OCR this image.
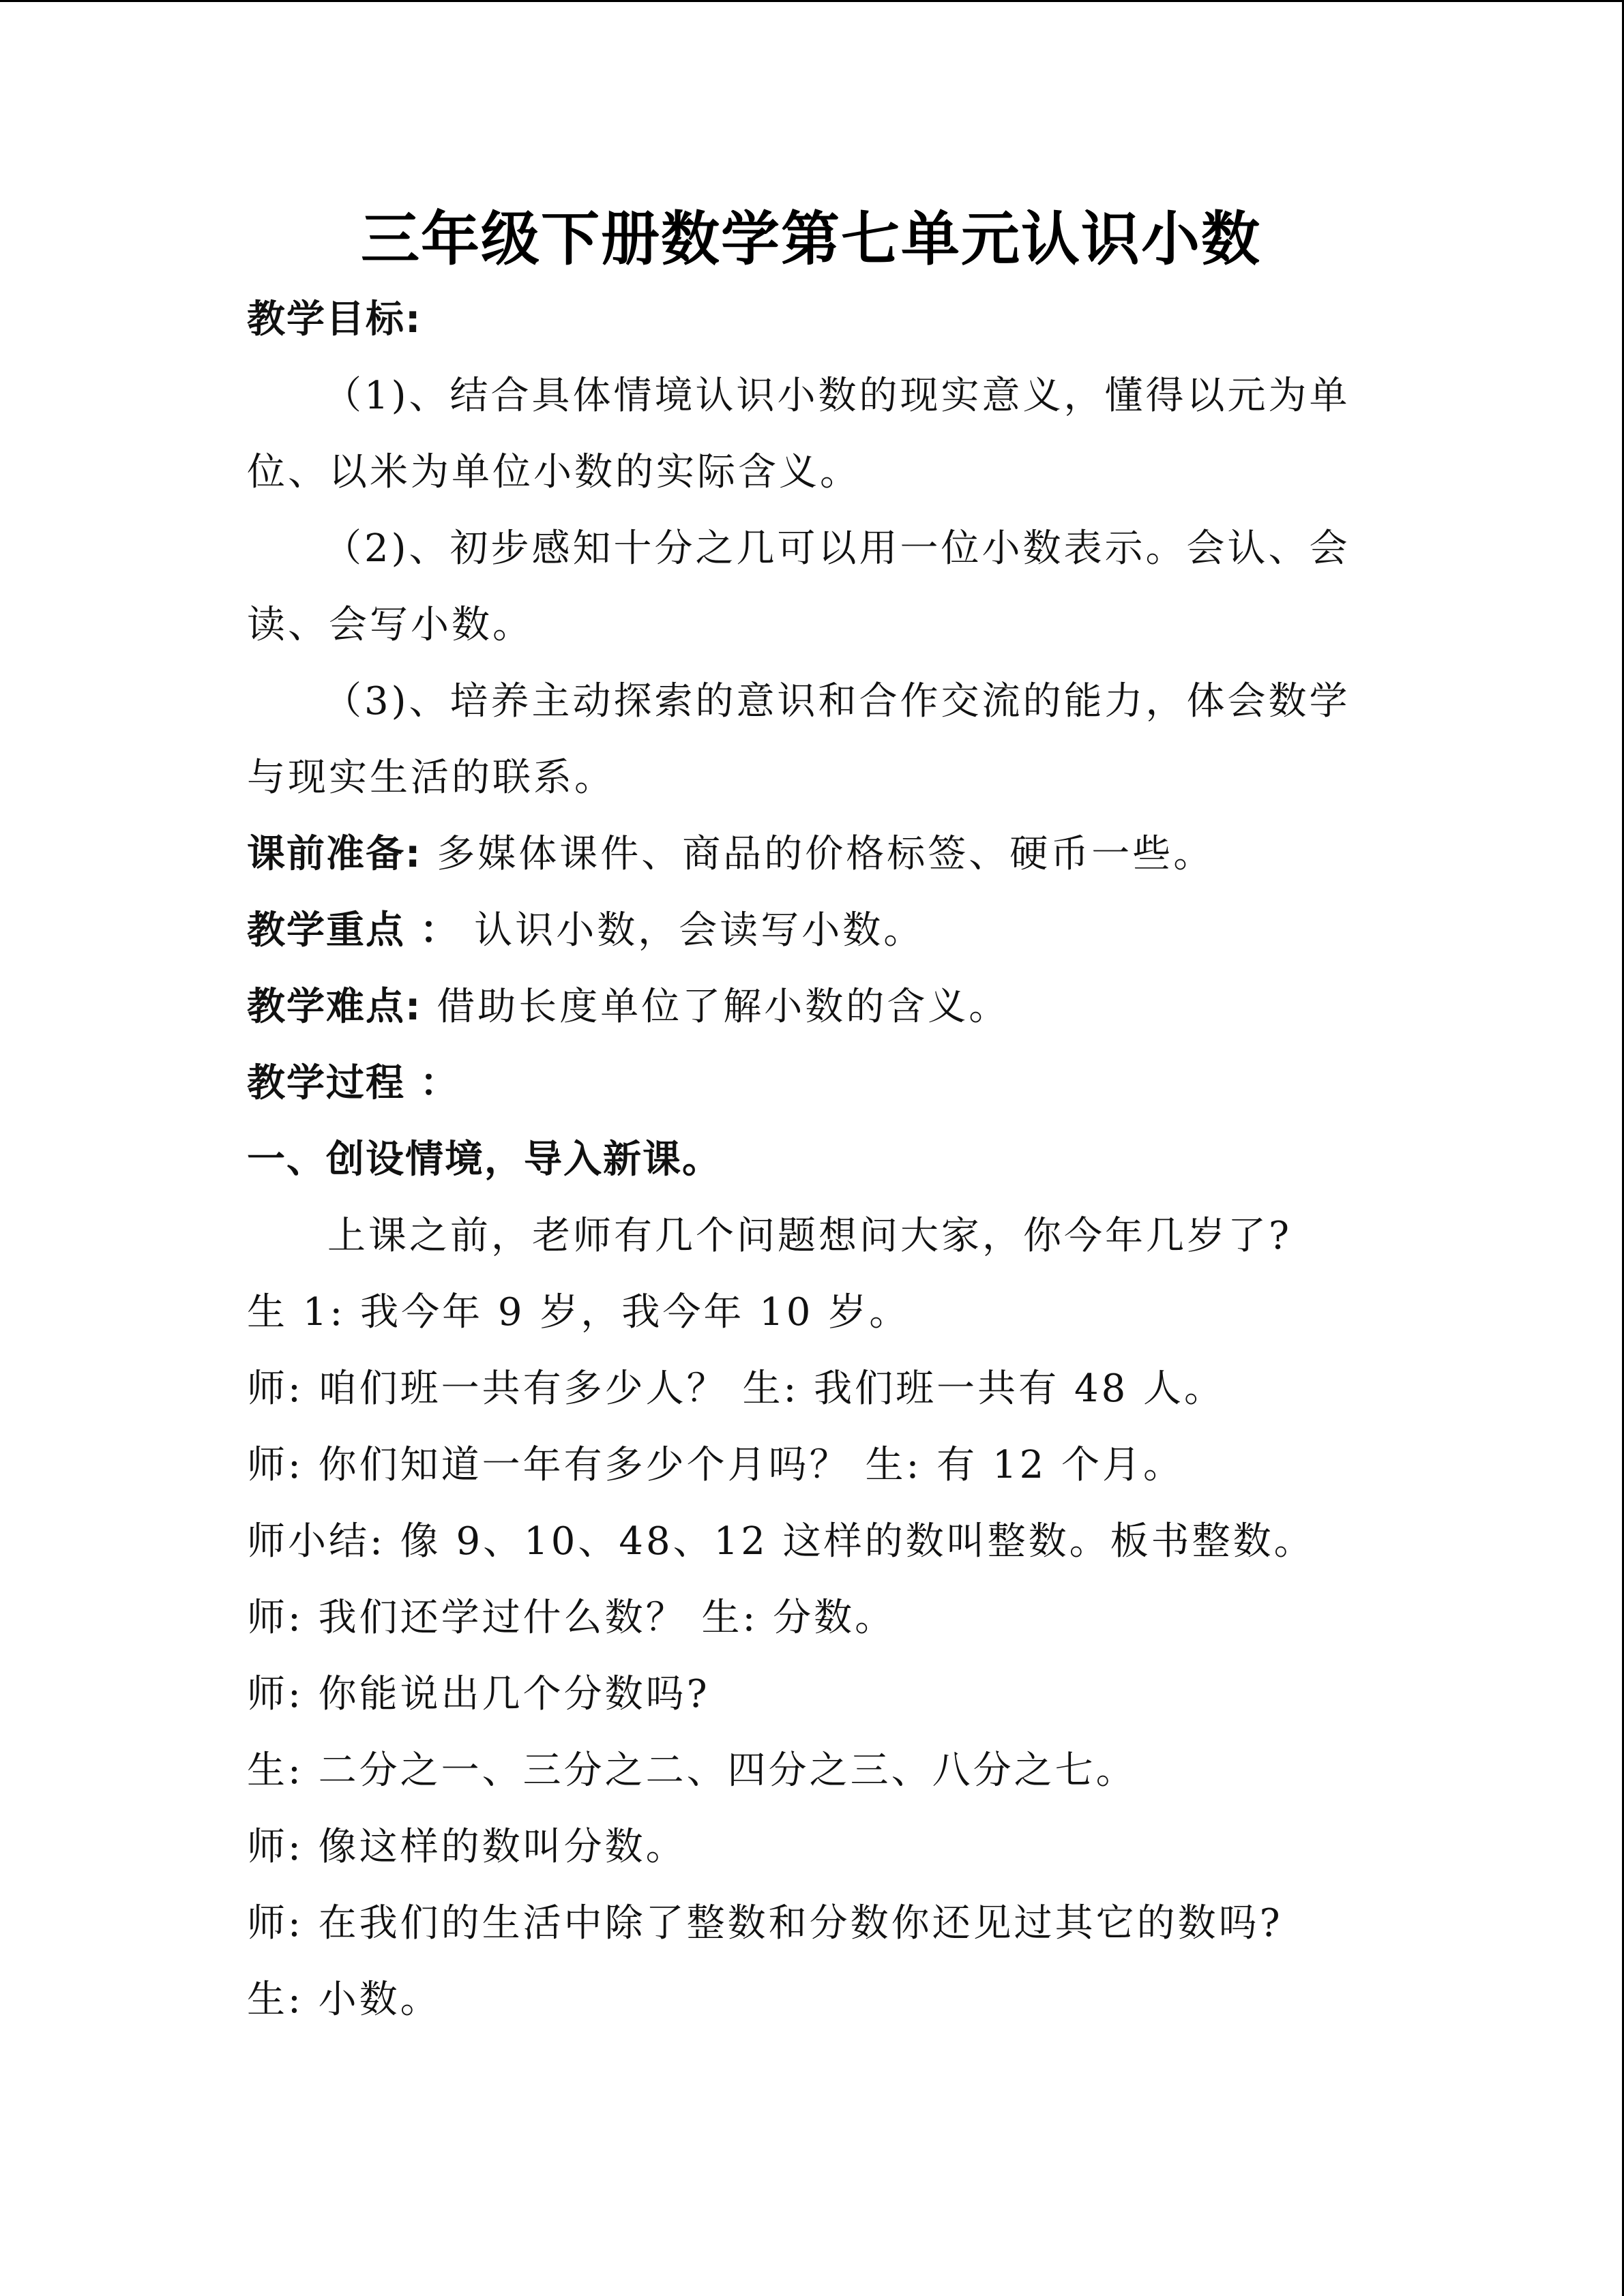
三年级下册数学第七单元认识小数
教学目标:
（1)、结合具体情境认识小数的现实意义，懂得以元为单
位、以米为单位小数的实际含义。
（2)、初步感知十分之几可以用一位小数表示。会认、会
读、会写小数。
（3)、培养主动探索的意识和合作交流的能力，体会数学
与现实生活的联系。
课前准备: 多媒体课件、商品的价格标签、硬币一些。
教学重点 ： 认识小数，会读写小数。
教学难点: 借助长度单位了解小数的含义。
教学过程 ：
一、创设情境，导入新课。
上课之前，老师有几个问题想问大家，你今年几岁了?
生 1: 我今年 9 岁，我今年 10 岁。
师: 咱们班一共有多少人？ 生: 我们班一共有 48 人。
师: 你们知道一年有多少个月吗？ 生: 有 12 个月。
师小结: 像 9、10、48、12 这样的数叫整数。板书整数。
师: 我们还学过什么数？ 生: 分数。
师: 你能说出几个分数吗?
生: 二分之一、三分之二、四分之三、八分之七。
师: 像这样的数叫分数。
师: 在我们的生活中除了整数和分数你还见过其它的数吗?
生: 小数。
